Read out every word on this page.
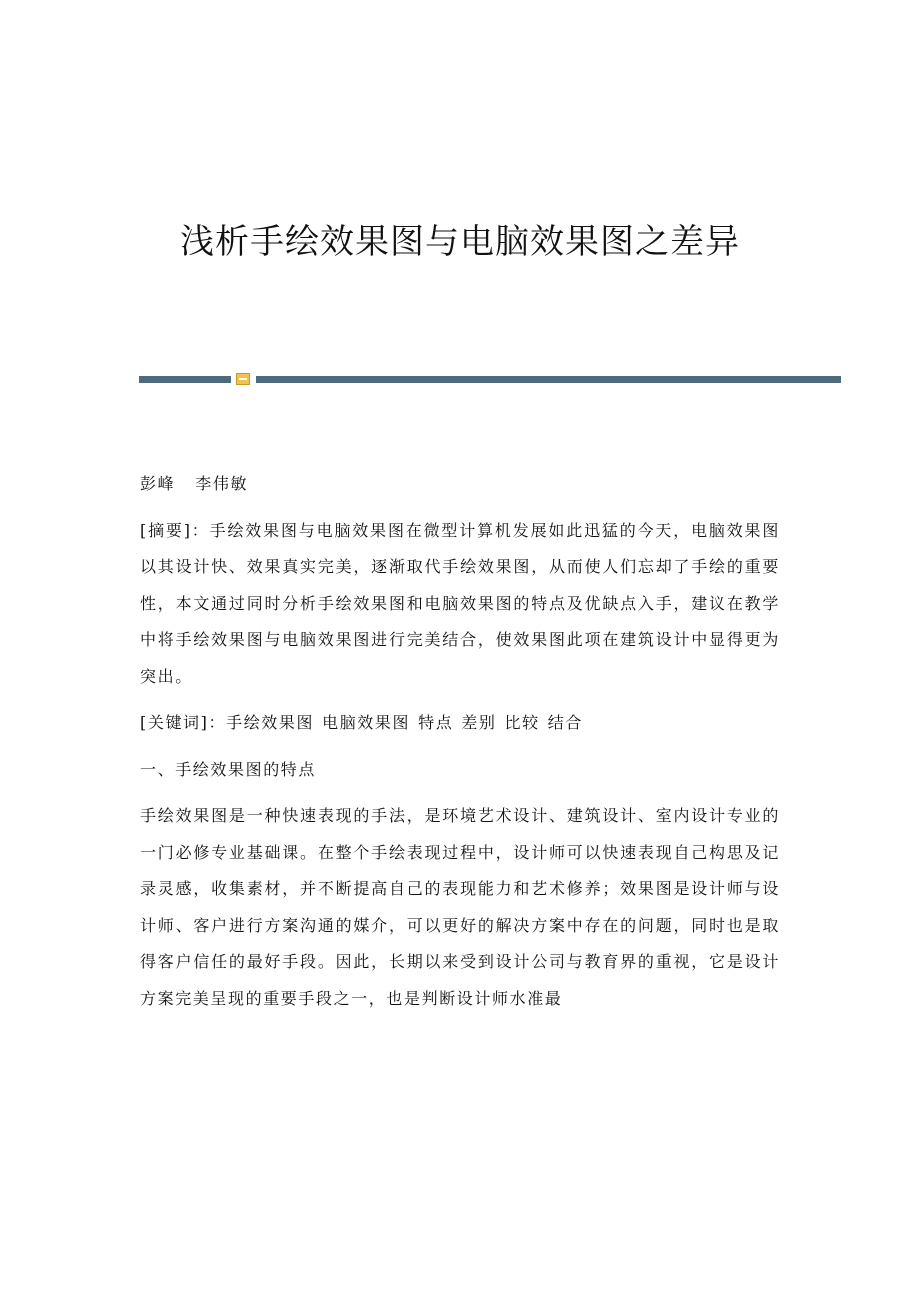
浅析手绘效果图与电脑效果图之差异

彭峰 李伟敏

[摘要]：手绘效果图与电脑效果图在微型计算机发展如此迅猛的今天，电脑效果图以其设计快、效果真实完美，逐渐取代手绘效果图，从而使人们忘却了手绘的重要性，本文通过同时分析手绘效果图和电脑效果图的特点及优缺点入手，建议在教学中将手绘效果图与电脑效果图进行完美结合，使效果图此项在建筑设计中显得更为突出。

[关键词]：手绘效果图 电脑效果图 特点 差别 比较 结合

一、手绘效果图的特点

手绘效果图是一种快速表现的手法，是环境艺术设计、建筑设计、室内设计专业的一门必修专业基础课。在整个手绘表现过程中，设计师可以快速表现自己构思及记录灵感，收集素材，并不断提高自己的表现能力和艺术修养；效果图是设计师与设计师、客户进行方案沟通的媒介，可以更好的解决方案中存在的问题，同时也是取得客户信任的最好手段。因此，长期以来受到设计公司与教育界的重视，它是设计方案完美呈现的重要手段之一，也是判断设计师水准最
